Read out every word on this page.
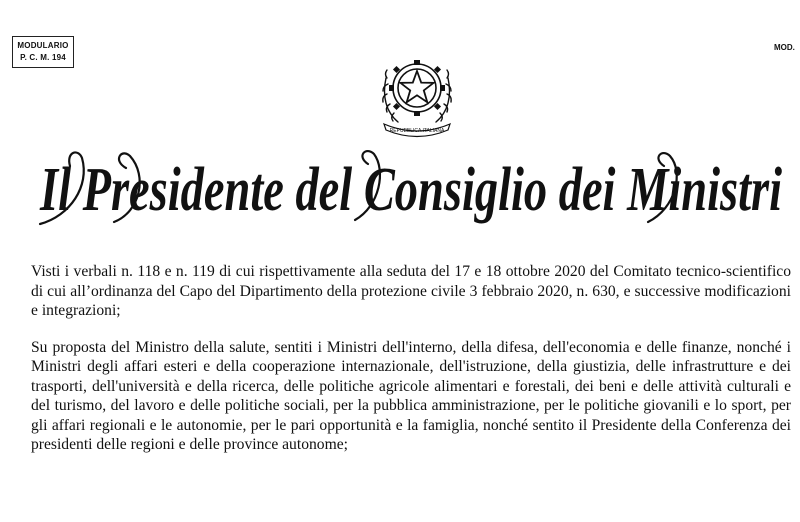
MODULARIO
P. C. M. 194
MOD.
REPUBBLICA ITALIANA
Il Presidente del Consiglio dei Ministri

Visti i verbali n. 118 e n. 119 di cui rispettivamente alla seduta del 17 e 18 ottobre 2020 del Comitato tecnico-scientifico di cui all’ordinanza del Capo del Dipartimento della protezione civile 3 febbraio 2020, n. 630, e successive modificazioni e integrazioni;

Su proposta del Ministro della salute, sentiti i Ministri dell'interno, della difesa, dell'economia e delle finanze, nonché i Ministri degli affari esteri e della cooperazione internazionale, dell'istruzione, della giustizia, delle infrastrutture e dei trasporti, dell'università e della ricerca, delle politiche agricole alimentari e forestali, dei beni e delle attività culturali e del turismo, del lavoro e delle politiche sociali, per la pubblica amministrazione, per le politiche giovanili e lo sport, per gli affari regionali e le autonomie, per le pari opportunità e la famiglia, nonché sentito il Presidente della Conferenza dei presidenti delle regioni e delle province autonome;
